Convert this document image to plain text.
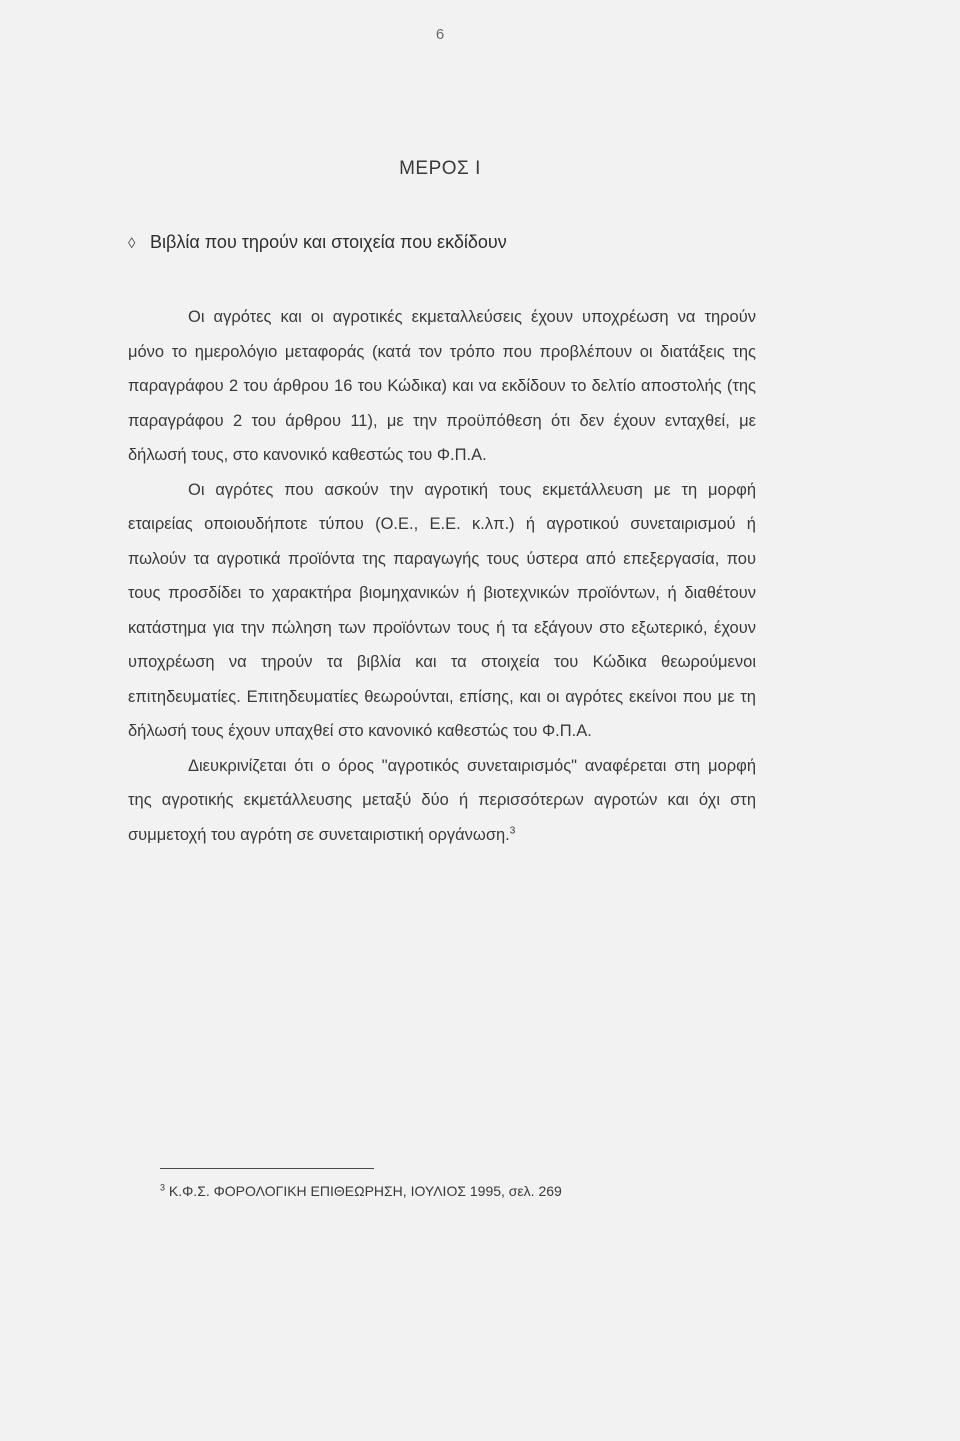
6
ΜΕΡΟΣ Ι
◊ Βιβλία που τηρούν και στοιχεία που εκδίδουν

Οι αγρότες και οι αγροτικές εκμεταλλεύσεις έχουν υποχρέωση να τηρούν μόνο το ημερολόγιο μεταφοράς (κατά τον τρόπο που προβλέπουν οι διατάξεις της παραγράφου 2 του άρθρου 16 του Κώδικα) και να εκδίδουν το δελτίο αποστολής (της παραγράφου 2 του άρθρου 11), με την προϋπόθεση ότι δεν έχουν ενταχθεί, με δήλωσή τους, στο κανονικό καθεστώς του Φ.Π.Α.

Οι αγρότες που ασκούν την αγροτική τους εκμετάλλευση με τη μορφή εταιρείας οποιουδήποτε τύπου (Ο.Ε., Ε.Ε. κ.λπ.) ή αγροτικού συνεταιρισμού ή πωλούν τα αγροτικά προϊόντα της παραγωγής τους ύστερα από επεξεργασία, που τους προσδίδει το χαρακτήρα βιομηχανικών ή βιοτεχνικών προϊόντων, ή διαθέτουν κατάστημα για την πώληση των προϊόντων τους ή τα εξάγουν στο εξωτερικό, έχουν υποχρέωση να τηρούν τα βιβλία και τα στοιχεία του Κώδικα θεωρούμενοι επιτηδευματίες. Επιτηδευματίες θεωρούνται, επίσης, και οι αγρότες εκείνοι που με τη δήλωσή τους έχουν υπαχθεί στο κανονικό καθεστώς του Φ.Π.Α.

Διευκρινίζεται ότι ο όρος "αγροτικός συνεταιρισμός" αναφέρεται στη μορφή της αγροτικής εκμετάλλευσης μεταξύ δύο ή περισσότερων αγροτών και όχι στη συμμετοχή του αγρότη σε συνεταιριστική οργάνωση.$^3$

$^3$ Κ.Φ.Σ. ΦΟΡΟΛΟΓΙΚΗ ΕΠΙΘΕΩΡΗΣΗ, ΙΟΥΛΙΟΣ 1995, σελ. 269
